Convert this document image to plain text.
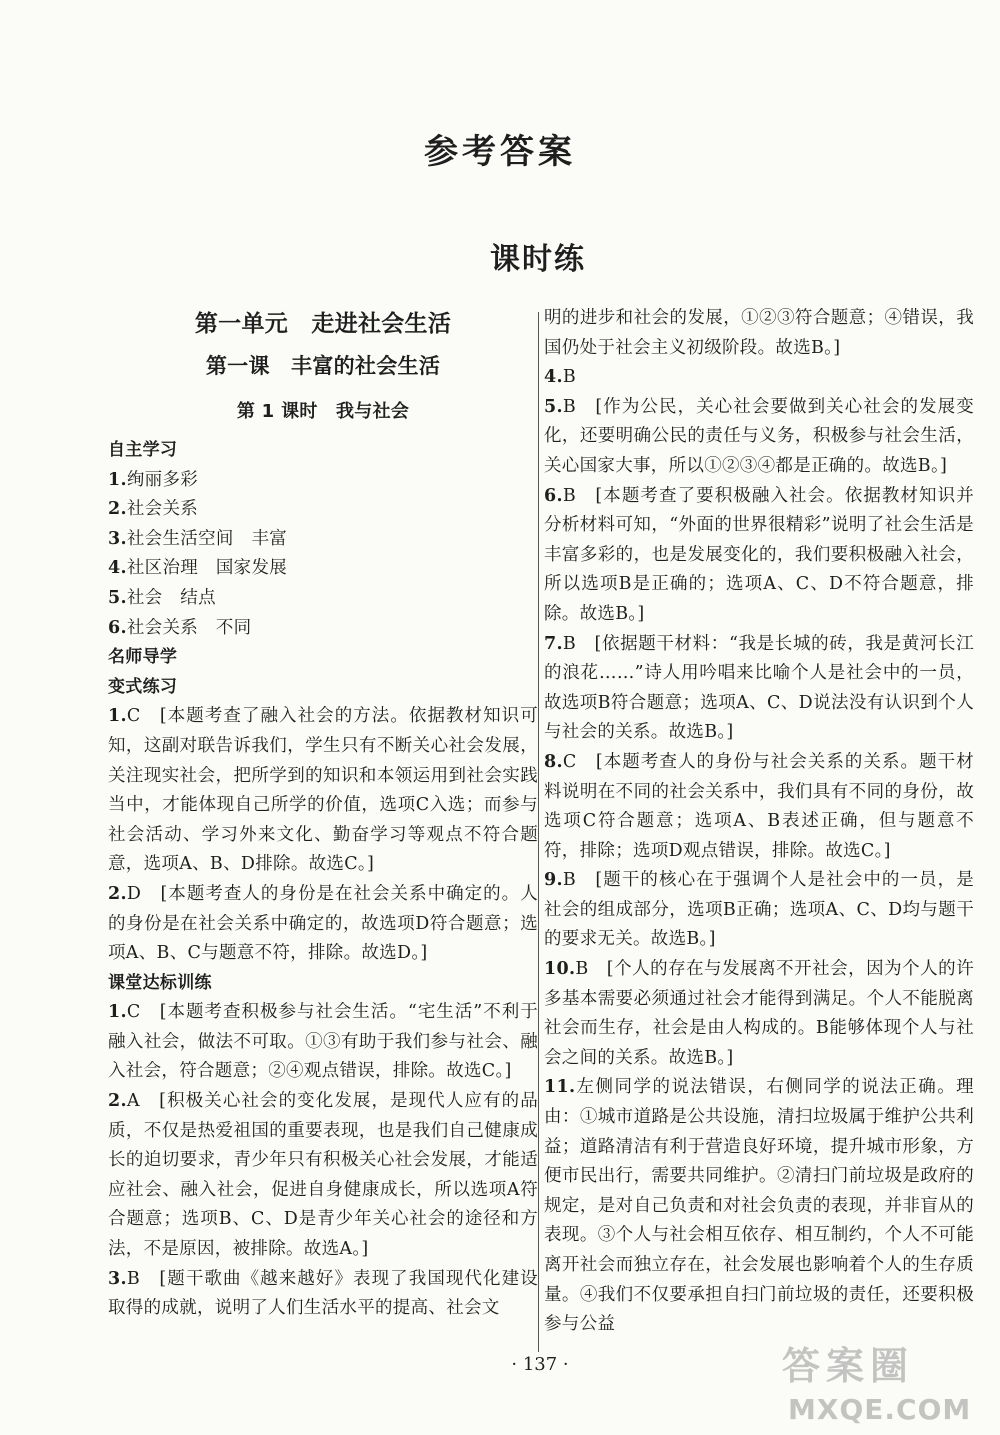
参考答案
课时练
第一单元　走进社会生活
第一课　丰富的社会生活
第 1 课时　我与社会
自主学习
1.绚丽多彩
2.社会关系
3.社会生活空间　丰富
4.社区治理　国家发展
5.社会　结点
6.社会关系　不同
名师导学
变式练习
1.C　[本题考查了融入社会的方法。依据教材知识可知，这副对联告诉我们，学生只有不断关心社会发展，关注现实社会，把所学到的知识和本领运用到社会实践当中，才能体现自己所学的价值，选项C入选；而参与社会活动、学习外来文化、勤奋学习等观点不符合题意，选项A、B、D排除。故选C。]
2.D　[本题考查人的身份是在社会关系中确定的。人的身份是在社会关系中确定的，故选项D符合题意；选项A、B、C与题意不符，排除。故选D。]
课堂达标训练
1.C　[本题考查积极参与社会生活。“宅生活”不利于融入社会，做法不可取。①③有助于我们参与社会、融入社会，符合题意；②④观点错误，排除。故选C。]
2.A　[积极关心社会的变化发展，是现代人应有的品质，不仅是热爱祖国的重要表现，也是我们自己健康成长的迫切要求，青少年只有积极关心社会发展，才能适应社会、融入社会，促进自身健康成长，所以选项A符合题意；选项B、C、D是青少年关心社会的途径和方法，不是原因，被排除。故选A。]
3.B　[题干歌曲《越来越好》表现了我国现代化建设取得的成就，说明了人们生活水平的提高、社会文
明的进步和社会的发展，①②③符合题意；④错误，我国仍处于社会主义初级阶段。故选B。]
4.B
5.B　[作为公民，关心社会要做到关心社会的发展变化，还要明确公民的责任与义务，积极参与社会生活，关心国家大事，所以①②③④都是正确的。故选B。]
6.B　[本题考查了要积极融入社会。依据教材知识并分析材料可知，“外面的世界很精彩”说明了社会生活是丰富多彩的，也是发展变化的，我们要积极融入社会，所以选项B是正确的；选项A、C、D不符合题意，排除。故选B。]
7.B　[依据题干材料：“我是长城的砖，我是黄河长江的浪花……”诗人用吟唱来比喻个人是社会中的一员，故选项B符合题意；选项A、C、D说法没有认识到个人与社会的关系。故选B。]
8.C　[本题考查人的身份与社会关系的关系。题干材料说明在不同的社会关系中，我们具有不同的身份，故选项C符合题意；选项A、B表述正确，但与题意不符，排除；选项D观点错误，排除。故选C。]
9.B　[题干的核心在于强调个人是社会中的一员，是社会的组成部分，选项B正确；选项A、C、D均与题干的要求无关。故选B。]
10.B　[个人的存在与发展离不开社会，因为个人的许多基本需要必须通过社会才能得到满足。个人不能脱离社会而生存，社会是由人构成的。B能够体现个人与社会之间的关系。故选B。]
11.左侧同学的说法错误，右侧同学的说法正确。理由：①城市道路是公共设施，清扫垃圾属于维护公共利益；道路清洁有利于营造良好环境，提升城市形象，方便市民出行，需要共同维护。②清扫门前垃圾是政府的规定，是对自己负责和对社会负责的表现，并非盲从的表现。③个人与社会相互依存、相互制约，个人不可能离开社会而独立存在，社会发展也影响着个人的生存质量。④我们不仅要承担自扫门前垃圾的责任，还要积极参与公益
· 137 ·	答案圈
MXQE.COM
